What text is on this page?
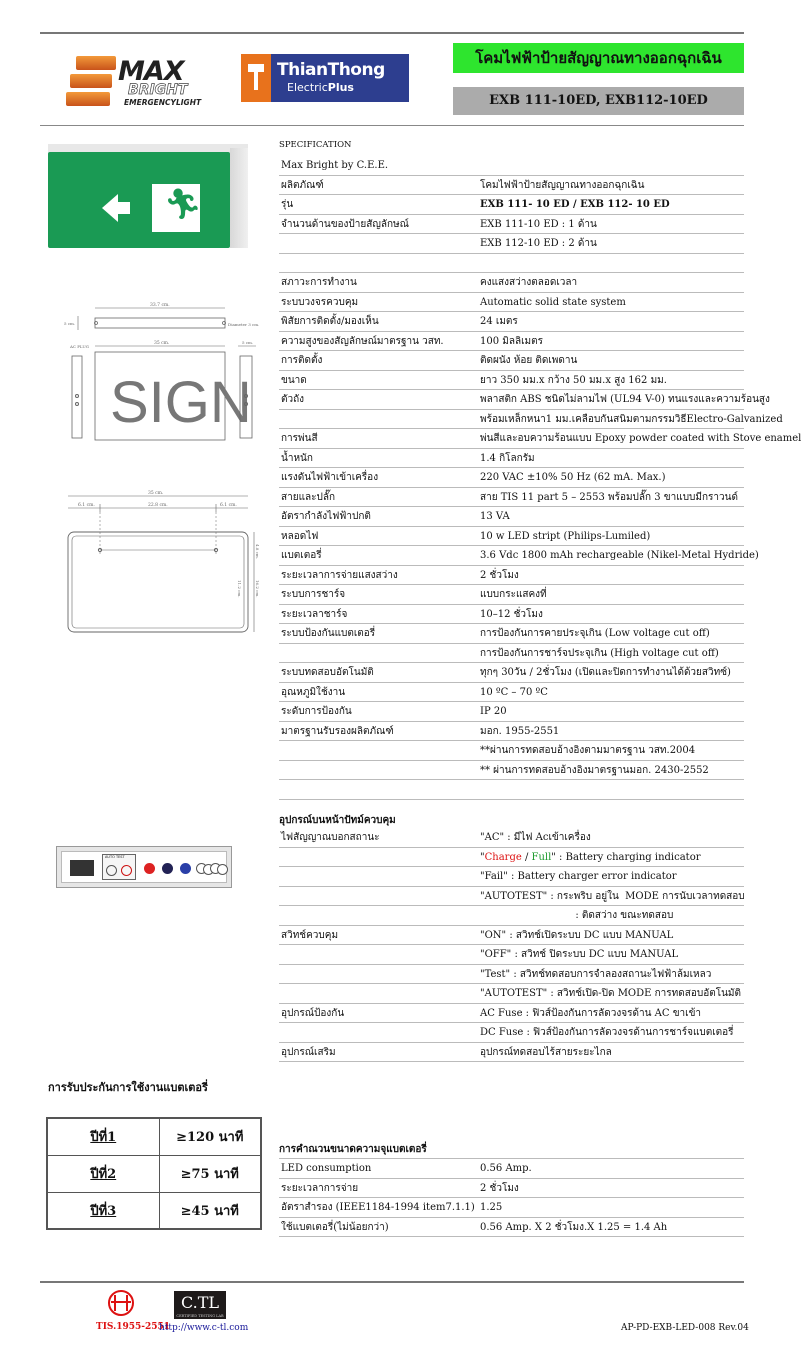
MAX
BRIGHT
EMERGENCYLIGHT
ThianThong
ElectricPlus
โคมไฟฟ้าป้ายสัญญาณทางออกฉุกเฉิน
EXB 111-10ED, EXB112-10ED
🏃︎
33.7 cm.
5 cm.	Diameter 3 cm.
AC PLUG
35 cm.
SIGN
5 cm.
35 cm.
6.1 cm.	22.8 cm.	6.1 cm.
4.8 cm.
11.2 cm.	16.2 cm.
SPECIFICATION
Max Bright by C.E.E.
ผลิตภัณฑ์	โคมไฟฟ้าป้ายสัญญาณทางออกฉุกเฉิน
รุ่น	EXB 111- 10 ED / EXB 112- 10 ED
จำนวนด้านของป้ายสัญลักษณ์	EXB 111-10 ED : 1 ด้าน
EXB 112-10 ED : 2 ด้าน
สภาวะการทำงาน	คงแสงสว่างตลอดเวลา
ระบบวงจรควบคุม	Automatic solid state system
พิสัยการติดตั้ง/มองเห็น	24 เมตร
ความสูงของสัญลักษณ์มาตรฐาน วสท.	100 มิลลิเมตร
การติดตั้ง	ติดผนัง ห้อย ติดเพดาน
ขนาด	ยาว 350 มม.x กว้าง 50 มม.x สูง 162 มม.
ตัวถัง	พลาสติก ABS ชนิดไม่ลามไฟ (UL94 V-0) ทนแรงและความร้อนสูง
พร้อมเหล็กหนา1 มม.เคลือบกันสนิมตามกรรมวิธีElectro-Galvanized
การพ่นสี	พ่นสีและอบความร้อนแบบ Epoxy powder coated with Stove enamel
น้ำหนัก	1.4 กิโลกรัม
แรงดันไฟฟ้าเข้าเครื่อง	220 VAC ±10% 50 Hz (62 mA. Max.)
สายและปลั๊ก	สาย TIS 11 part 5 – 2553 พร้อมปลั๊ก 3 ขาแบบมีกราวนด์
อัตรากำลังไฟฟ้าปกติ	13 VA
หลอดไฟ	10 w LED stript (Philips-Lumiled)
แบตเตอรี่	3.6 Vdc 1800 mAh rechargeable (Nikel-Metal Hydride)
ระยะเวลาการจ่ายแสงสว่าง	2 ชั่วโมง
ระบบการชาร์จ	แบบกระแสคงที่
ระยะเวลาชาร์จ	10–12 ชั่วโมง
ระบบป้องกันแบตเตอรี่	การป้องกันการคายประจุเกิน (Low voltage cut off)
การป้องกันการชาร์จประจุเกิน (High voltage cut off)
ระบบทดสอบอัตโนมัติ	ทุกๆ 30วัน / 2ชั่วโมง (เปิดและปิดการทำงานได้ด้วยสวิทซ์)
อุณหภูมิใช้งาน	10 ºC – 70 ºC
ระดับการป้องกัน	IP 20
มาตรฐานรับรองผลิตภัณฑ์	มอก. 1955-2551
**ผ่านการทดสอบอ้างอิงตามมาตรฐาน วสท.2004
** ผ่านการทดสอบอ้างอิงมาตรฐานมอก. 2430-2552
AUTO TEST
อุปกรณ์บนหน้าปัทม์ควบคุม
ไฟสัญญาณบอกสถานะ	"AC" : มีไฟ Acเข้าเครื่อง
"Charge / Full" : Battery charging indicator
"Fail" : Battery charger error indicator
"AUTOTEST" : กระพริบ อยู่ใน  MODE การนับเวลาทดสอบ
: ติดสว่าง ขณะทดสอบ
สวิทช์ควบคุม	"ON" : สวิทช์เปิดระบบ DC แบบ MANUAL
"OFF" : สวิทช์ ปิดระบบ DC แบบ MANUAL
"Test" : สวิทช์ทดสอบการจำลองสถานะไฟฟ้าล้มเหลว
"AUTOTEST" : สวิทช์เปิด-ปิด MODE การทดสอบอัตโนมัติ
อุปกรณ์ป้องกัน	AC Fuse : ฟิวส์ป้องกันการลัดวงจรด้าน AC ขาเข้า
DC Fuse : ฟิวส์ป้องกันการลัดวงจรด้านการชาร์จแบตเตอรี่
อุปกรณ์เสริม	อุปกรณ์ทดสอบไร้สายระยะไกล
การรับประกันการใช้งานแบตเตอรี่
ปีที่1	≥120 นาที
ปีที่2	≥75 นาที
ปีที่3	≥45 นาที
การคำณวนขนาดความจุแบตเตอรี่
LED consumption	0.56 Amp.
ระยะเวลาการจ่าย	2 ชั่วโมง
อัตราสำรอง (IEEE1184-1994 item7.1.1) 1.25
ใช้แบตเตอรี่(ไม่น้อยกว่า)	0.56 Amp. X 2 ชั่วโมง.X 1.25 = 1.4 Ah
TIS.1955-2551
C.TL
CERTIFIED TESTING LAB
http://www.c-tl.com	AP-PD-EXB-LED-008 Rev.04
